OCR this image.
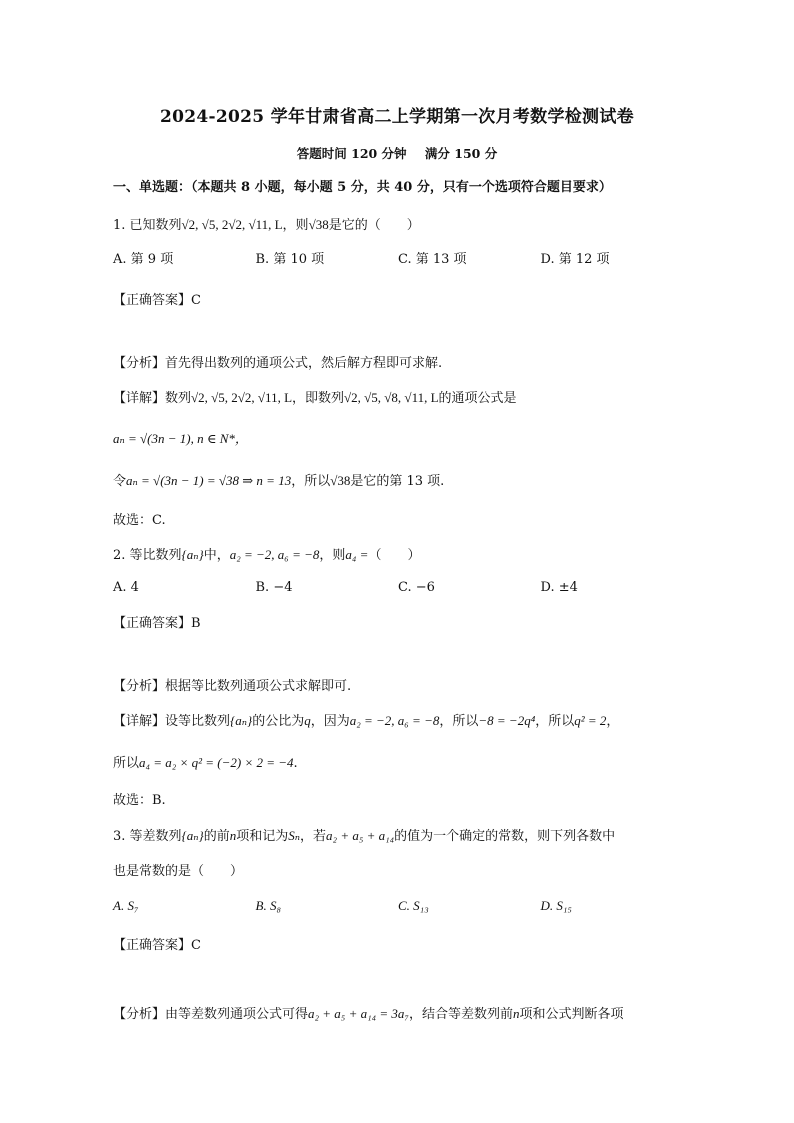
2024-2025 学年甘肃省高二上学期第一次月考数学检测试卷
答题时间 120 分钟 满分 150 分
一、单选题：（本题共 8 小题，每小题 5 分，共 40 分，只有一个选项符合题目要求）
1. 已知数列√2, √5, 2√2, √11, L，则√38是它的（　　）
A. 第 9 项	B. 第 10 项	C. 第 13 项	D. 第 12 项
【正确答案】C
【分析】首先得出数列的通项公式，然后解方程即可求解.
【详解】数列√2, √5, 2√2, √11, L，即数列√2, √5, √8, √11, L的通项公式是
aₙ = √(3n − 1), n ∈ N*，
令aₙ = √(3n − 1) = √38 ⇒ n = 13，所以√38是它的第 13 项.
故选：C.
2. 等比数列{aₙ}中，a₂ = −2, a₆ = −8，则a₄ =（　　）
A. 4	B. −4	C. −6	D. ±4
【正确答案】B
【分析】根据等比数列通项公式求解即可.
【详解】设等比数列{aₙ}的公比为q，因为a₂ = −2, a₆ = −8，所以−8 = −2q⁴，所以q² = 2，
所以a₄ = a₂ × q² = (−2) × 2 = −4.
故选：B.
3. 等差数列{aₙ}的前n项和记为Sₙ，若a₂ + a₅ + a₁₄的值为一个确定的常数，则下列各数中
也是常数的是（　　）
A. S₇	B. S₈	C. S₁₃	D. S₁₅
【正确答案】C
【分析】由等差数列通项公式可得a₂ + a₅ + a₁₄ = 3a₇，结合等差数列前n项和公式判断各项
